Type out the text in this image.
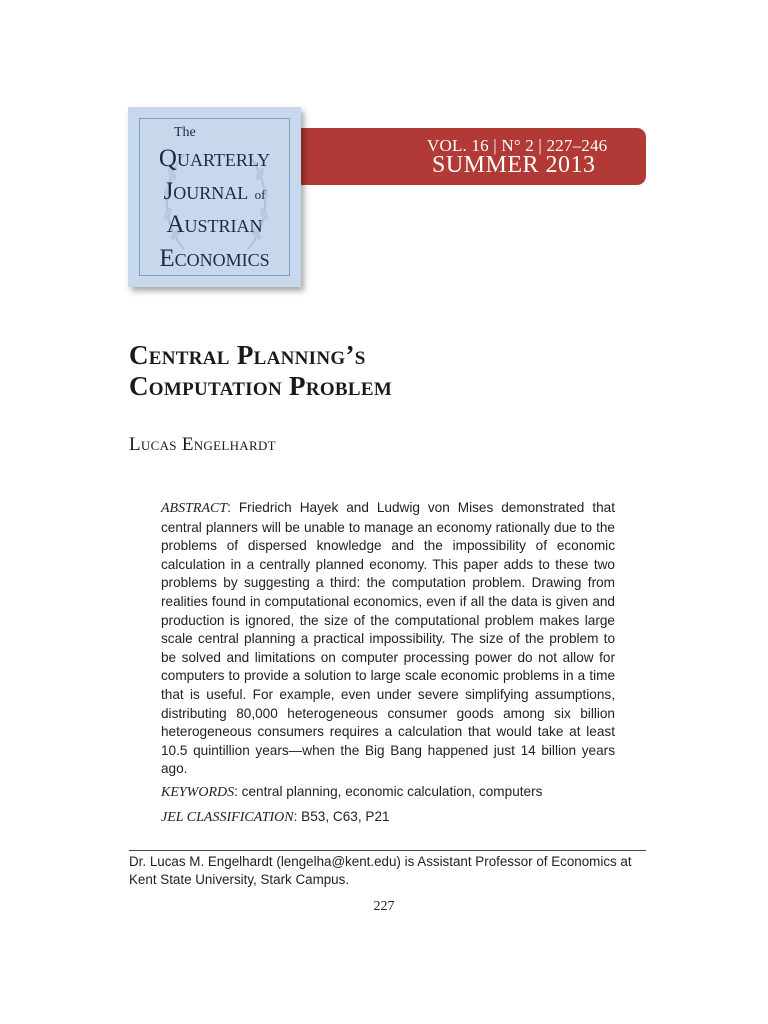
The
Quarterly
Journal of
Austrian
Economics
VOL. 16 | N° 2 | 227–246
SUMMER 2013
Central Planning’s
Computation Problem
Lucas Engelhardt
ABSTRACT: Friedrich Hayek and Ludwig von Mises demonstrated that central planners will be unable to manage an economy rationally due to the problems of dispersed knowledge and the impossibility of economic calculation in a centrally planned economy. This paper adds to these two problems by suggesting a third: the computation problem. Drawing from realities found in computational economics, even if all the data is given and production is ignored, the size of the computational problem makes large scale central planning a practical impossibility. The size of the problem to be solved and limitations on computer processing power do not allow for computers to provide a solution to large scale economic problems in a time that is useful. For example, even under severe simplifying assumptions, distributing 80,000 heterogeneous consumer goods among six billion heterogeneous consumers requires a calculation that would take at least 10.5 quintillion years—when the Big Bang happened just 14 billion years ago.
KEYWORDS: central planning, economic calculation, computers
JEL CLASSIFICATION: B53, C63, P21
Dr. Lucas M. Engelhardt (lengelha@kent.edu) is Assistant Professor of Economics at Kent State University, Stark Campus.
227
